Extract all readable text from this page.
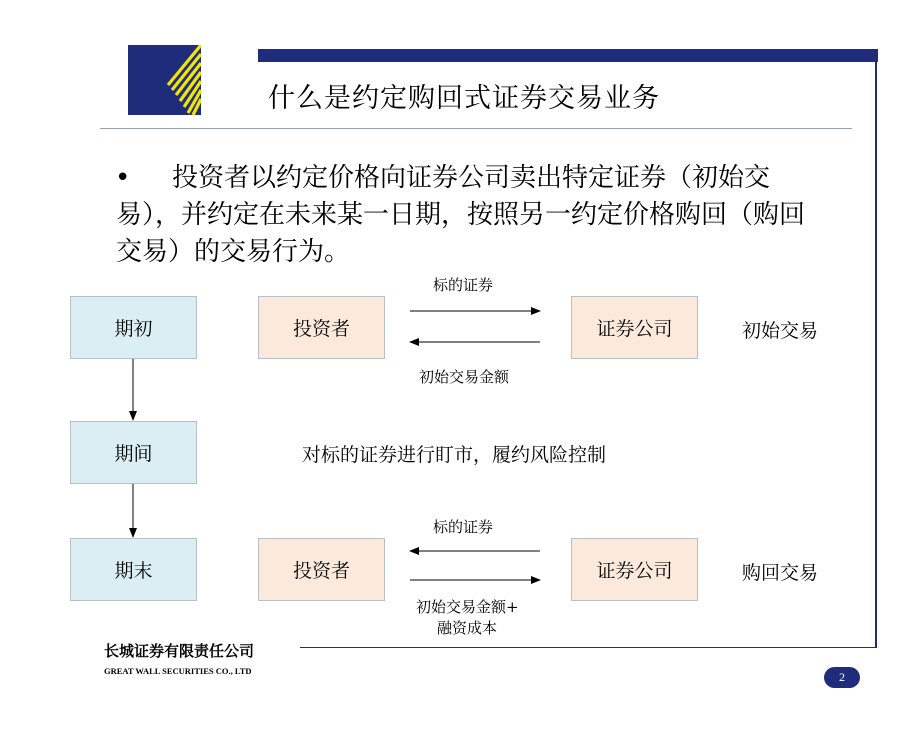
什么是约定购回式证券交易业务
•	投资者以约定价格向证券公司卖出特定证券（初始交易），并约定在未来某一日期，按照另一约定价格购回（购回交易）的交易行为。
期初
期间
期末
投资者	证券公司
标的证券
初始交易金额
初始交易
对标的证券进行盯市，履约风险控制
投资者	证券公司
标的证券
初始交易金额+
融资成本
购回交易
长城证券有限责任公司
GREAT WALL SECURITIES CO., LTD	2
